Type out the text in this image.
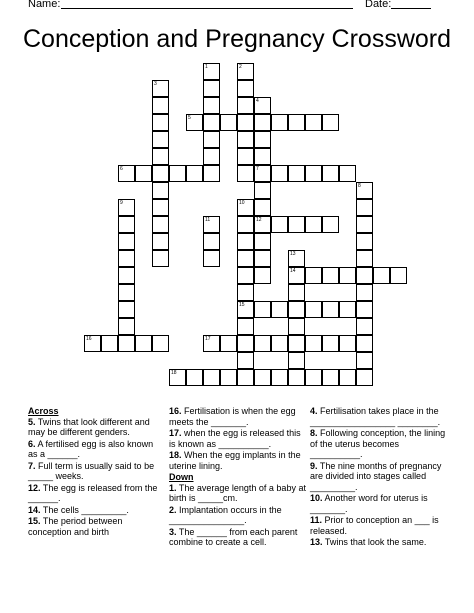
Name:	Date:
Conception and Pregnancy Crossword
5
6	7
12
14
15
16	17
18
1	2
3
4
8
9	10
11
13
Across
5. Twins that look different and may be different genders.
6. A fertilised egg is also known as a ______.
7. Full term is usually said to be _____ weeks.
12. The egg is released from the ______.
14. The cells _________.
15. The period between conception and birth
16. Fertilisation is when the egg meets the _______.
17. when the egg is released this is known as __________.
18. When the egg implants in the uterine lining.
Down
1. The average length of a baby at birth is _____cm.
2. Implantation occurs in the _______________.
3. The ______ from each parent combine to create a cell.
4. Fertilisation takes place in the _________________ ________.
8. Following conception, the lining of the uterus becomes __________.
9. The nine months of pregnancy are divided into stages called _________.
10. Another word for uterus is _______.
11. Prior to conception an ___ is released.
13. Twins that look the same.
